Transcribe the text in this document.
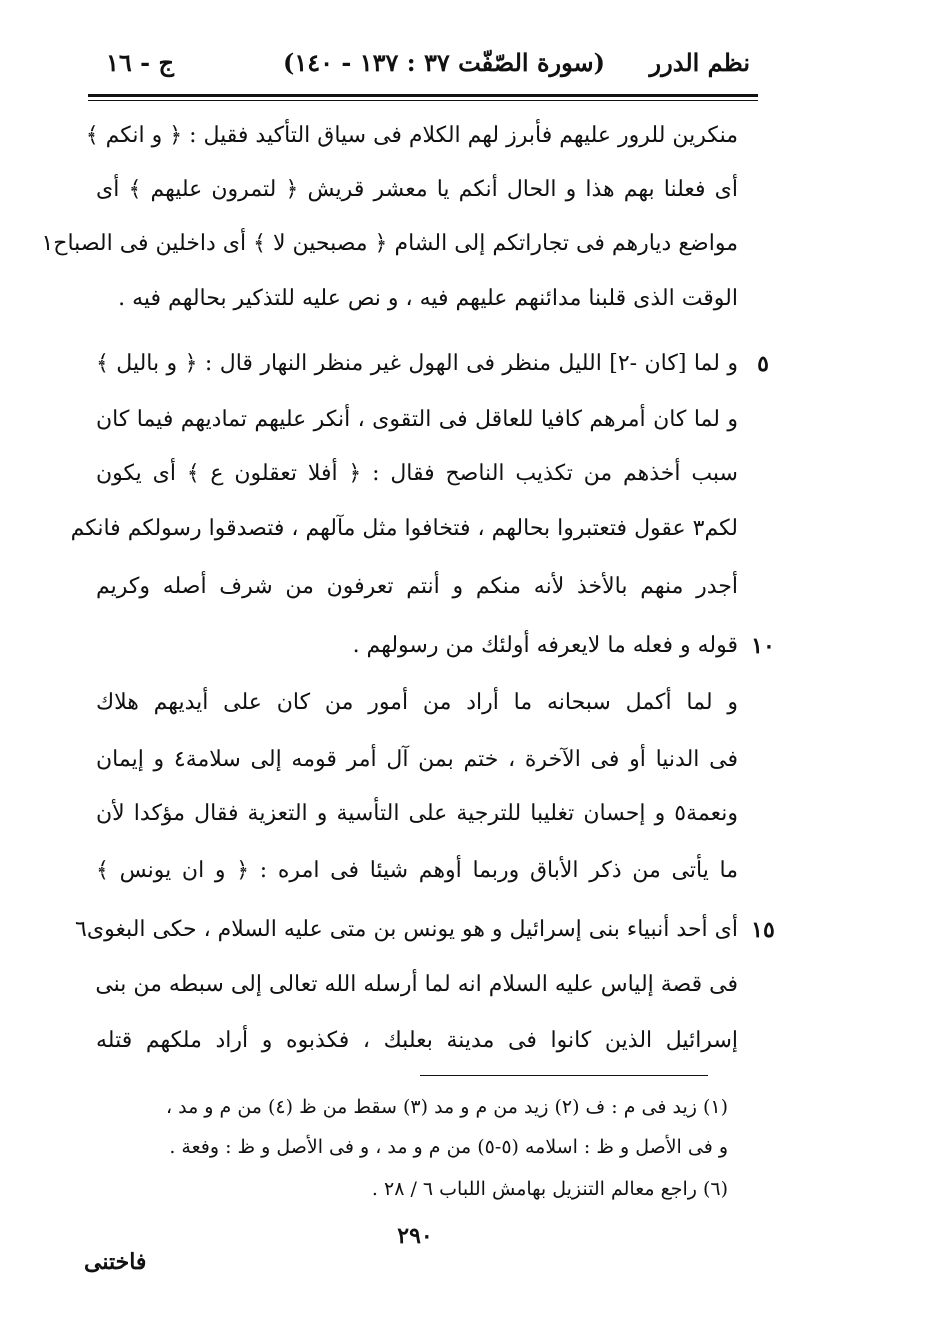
نظم الدرر
(سورة الصّفّت ٣٧ : ١٣٧ - ١٤٠)
ج - ١٦
منكرين للرور عليهم فأبرز لهم الكلام فى سياق التأكيد فقيل : ﴿ و انكم ﴾
أى فعلنا بهم هذا و الحال أنكم يا معشر قريش ﴿ لتمرون عليهم ﴾ أى
مواضع ديارهم فى تجاراتكم إلى الشام ﴿ مصبحين لا ﴾ أى داخلين فى الصباح١
الوقت الذى قلبنا مدائنهم عليهم فيه ، و نص عليه للتذكير بحالهم فيه .
٥
و لما [كان -٢] الليل منظر فى الهول غير منظر النهار قال : ﴿ و باليل ﴾
و لما كان أمرهم كافيا للعاقل فى التقوى ، أنكر عليهم تماديهم فيما كان
سبب أخذهم من تكذيب الناصح فقال : ﴿ أفلا تعقلون ع ﴾ أى يكون
لكم٣ عقول فتعتبروا بحالهم ، فتخافوا مثل مآلهم ، فتصدقوا رسولكم فانكم
أجدر منهم بالأخذ لأنه منكم و أنتم تعرفون من شرف أصله وكريم
١٠
قوله و فعله ما لايعرفه أولئك من رسولهم .
و لما أكمل سبحانه ما أراد من أمور من كان على أيديهم هلاك
فى الدنيا أو فى الآخرة ، ختم بمن آل أمر قومه إلى سلامة٤ و إيمان
ونعمة٥ و إحسان تغليبا للترجية على التأسية و التعزية فقال مؤكدا لأن
ما يأتى من ذكر الأباق وربما أوهم شيئا فى امره : ﴿ و ان يونس ﴾
١٥
أى أحد أنبياء بنى إسرائيل و هو يونس بن متى عليه السلام ، حكى البغوى٦
فى قصة إلياس عليه السلام انه لما أرسله الله تعالى إلى سبطه من بنى
إسرائيل الذين كانوا فى مدينة بعلبك ، فكذبوه و أراد ملكهم قتله
(١) زيد فى م : ف (٢) زيد من م و مد (٣) سقط من ظ (٤) من م و مد ،
و فى الأصل و ظ : اسلامه (٥-٥) من م و مد ، و فى الأصل و ظ : وفعة .
(٦) راجع معالم التنزيل بهامش اللباب ٦ / ٢٨ .
٢٩٠
فاختنى
